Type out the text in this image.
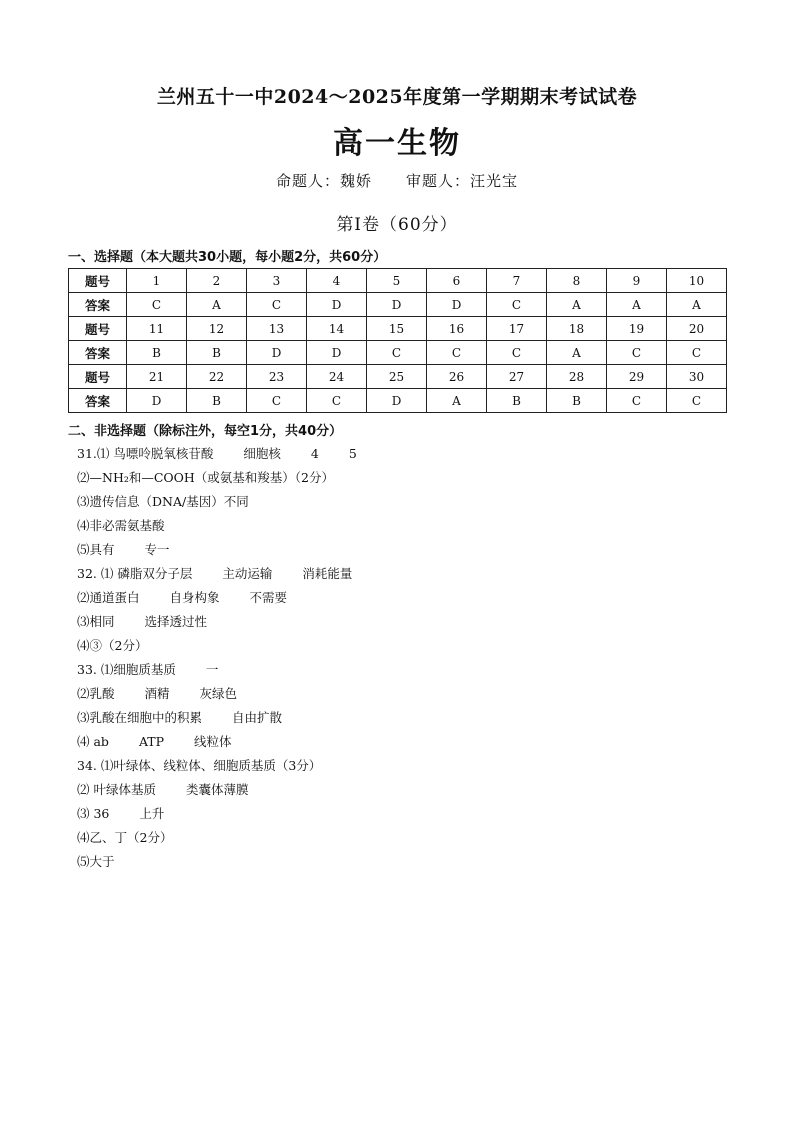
兰州五十一中2024～2025年度第一学期期末考试试卷
高一生物
命题人：魏娇 审题人：汪光宝
第Ⅰ卷（60分）
一、选择题（本大题共30小题，每小题2分，共60分）
题号	1	2	3	4	5	6	7	8	9	10
答案	C	A	C	D	D	D	C	A	A	A
题号	11	12	13	14	15	16	17	18	19	20
答案	B	B	D	D	C	C	C	A	C	C
题号	21	22	23	24	25	26	27	28	29	30
答案	D	B	C	C	D	A	B	B	C	C
二、非选择题（除标注外，每空1分，共40分）
31.⑴ 鸟嘌呤脱氧核苷酸 细胞核 4 5
⑵—NH₂和—COOH（或氨基和羧基）（2分）
⑶遗传信息（DNA/基因）不同
⑷非必需氨基酸
⑸具有 专一
32. ⑴ 磷脂双分子层 主动运输 消耗能量
⑵通道蛋白 自身构象 不需要
⑶相同 选择透过性
⑷③（2分）
33. ⑴细胞质基质 一
⑵乳酸 酒精 灰绿色
⑶乳酸在细胞中的积累 自由扩散
⑷ ab ATP 线粒体
34. ⑴叶绿体、线粒体、细胞质基质（3分）
⑵ 叶绿体基质 类囊体薄膜
⑶ 36 上升
⑷乙、丁（2分）
⑸大于
